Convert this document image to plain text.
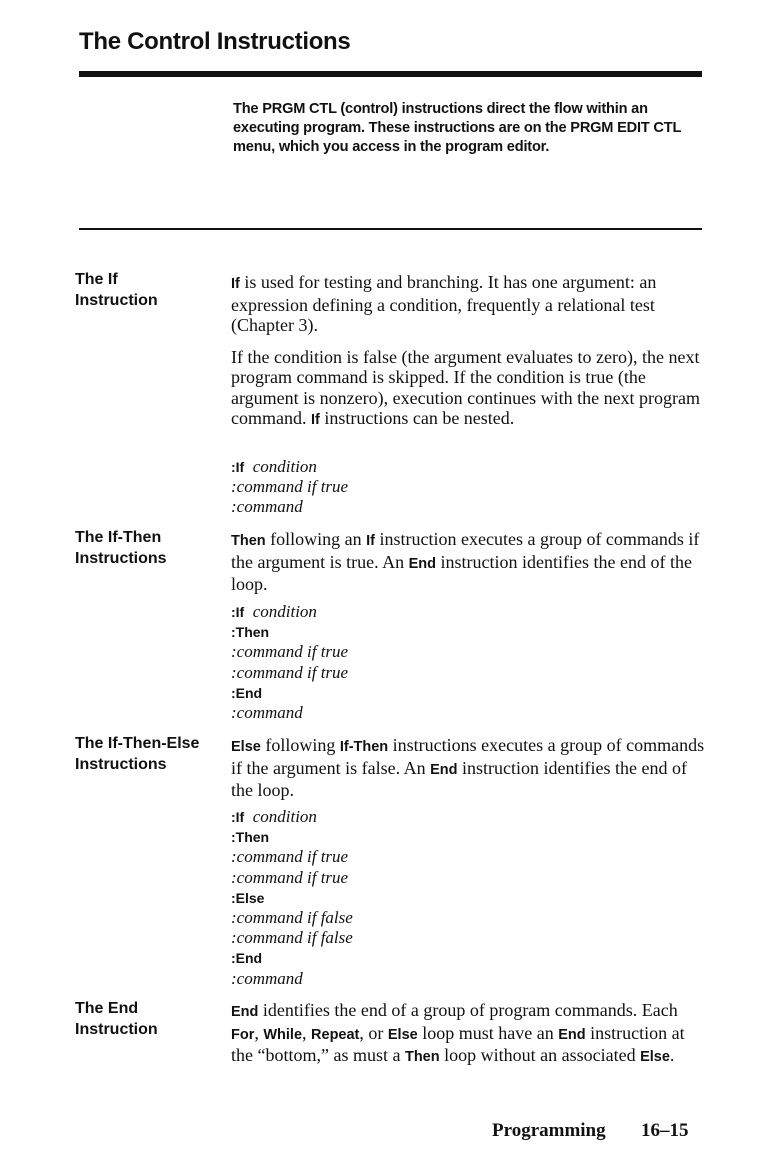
The Control Instructions
The PRGM CTL (control) instructions direct the flow within an executing program. These instructions are on the PRGM EDIT CTL menu, which you access in the program editor.
The If
Instruction

If is used for testing and branching. It has one argument: an expression defining a condition, frequently a relational test (Chapter 3).

If the condition is false (the argument evaluates to zero), the next program command is skipped. If the condition is true (the argument is nonzero), execution continues with the next program command. If instructions can be nested.

:If condition
:command if true
:command
The If-Then
Instructions

Then following an If instruction executes a group of commands if the argument is true. An End instruction identifies the end of the loop.

:If condition
:Then
:command if true
:command if true
:End
:command
The If-Then-Else
Instructions

Else following If-Then instructions executes a group of commands if the argument is false. An End instruction identifies the end of the loop.

:If condition
:Then
:command if true
:command if true
:Else
:command if false
:command if false
:End
:command
The End
Instruction

End identifies the end of a group of program commands. Each For, While, Repeat, or Else loop must have an End instruction at the “bottom,” as must a Then loop without an associated Else.

Programming 16–15
